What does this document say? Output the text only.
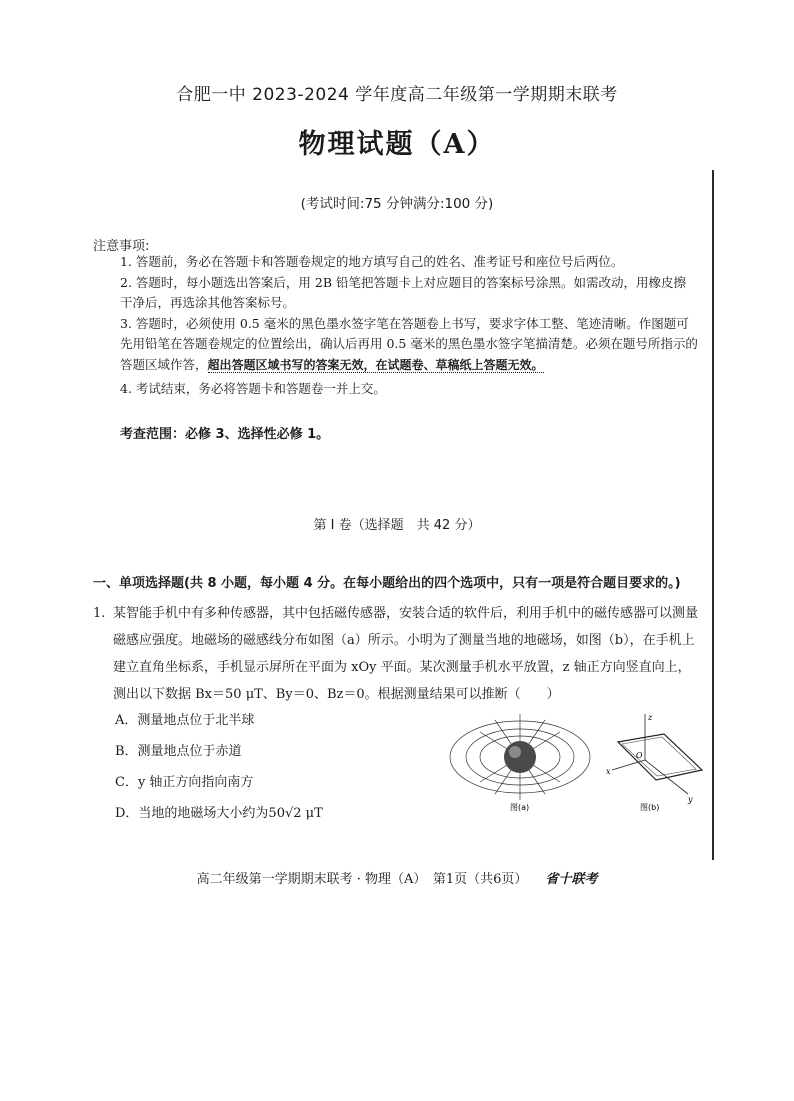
合肥一中 2023-2024 学年度高二年级第一学期期末联考
物理试题（A）
(考试时间:75 分钟满分:100 分)
注意事项:
1. 答题前，务必在答题卡和答题卷规定的地方填写自己的姓名、准考证号和座位号后两位。
2. 答题时，每小题选出答案后，用 2B 铅笔把答题卡上对应题目的答案标号涂黑。如需改动，用橡皮擦干净后，再选涂其他答案标号。
3. 答题时，必须使用 0.5 毫米的黑色墨水签字笔在答题卷上书写，要求字体工整、笔迹清晰。作图题可先用铅笔在答题卷规定的位置绘出，确认后再用 0.5 毫米的黑色墨水签字笔描清楚。必须在题号所指示的答题区域作答，超出答题区域书写的答案无效，在试题卷、草稿纸上答题无效。
4. 考试结束，务必将答题卡和答题卷一并上交。
考查范围：必修 3、选择性必修 1。
第 Ⅰ 卷（选择题　共 42 分）
一、单项选择题(共 8 小题，每小题 4 分。在每小题给出的四个选项中，只有一项是符合题目要求的。)
1. 某智能手机中有多种传感器，其中包括磁传感器，安装合适的软件后，利用手机中的磁传感器可以测量磁感应强度。地磁场的磁感线分布如图（a）所示。小明为了测量当地的地磁场，如图（b），在手机上建立直角坐标系，手机显示屏所在平面为 xOy 平面。某次测量手机水平放置，z 轴正方向竖直向上，测出以下数据 Bx＝50 μT、By＝0、Bz＝0。根据测量结果可以推断（　　）
A．测量地点位于北半球
B．测量地点位于赤道
C．y 轴正方向指向南方
D．当地的地磁场大小约为50√2 μT	图(a)
z
x
y
O
图(b)
高二年级第一学期期末联考 · 物理（A）　第1页（共6页） 省十联考
